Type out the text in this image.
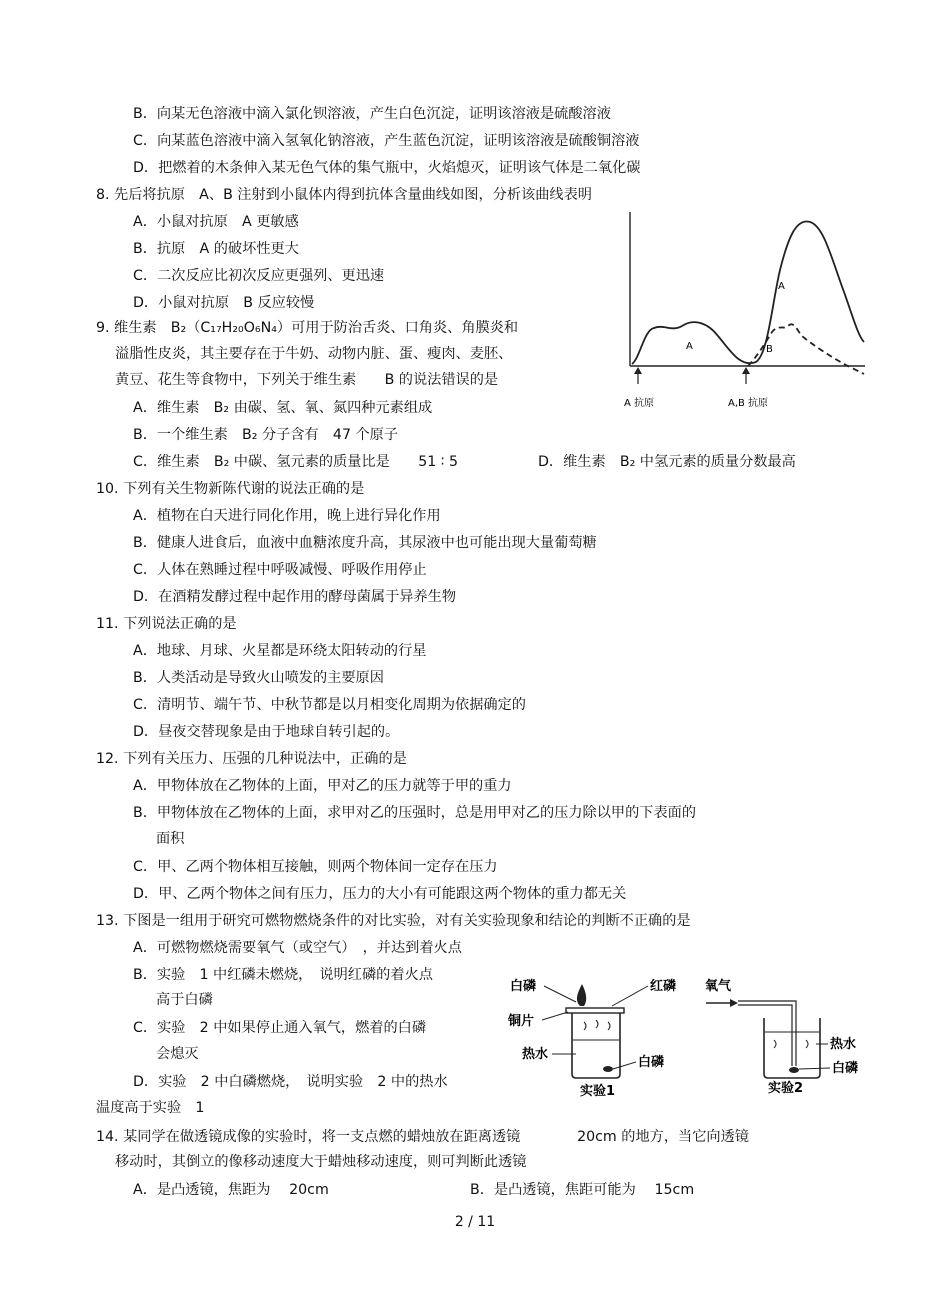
B．向某无色溶液中滴入氯化钡溶液，产生白色沉淀，证明该溶液是硫酸溶液
C．向某蓝色溶液中滴入氢氧化钠溶液，产生蓝色沉淀，证明该溶液是硫酸铜溶液
D．把燃着的木条伸入某无色气体的集气瓶中，火焰熄灭，证明该气体是二氧化碳
8. 先后将抗原　A、B 注射到小鼠体内得到抗体含量曲线如图，分析该曲线表明
A．小鼠对抗原　A 更敏感
B．抗原　A 的破坏性更大
C．二次反应比初次反应更强列、更迅速
D．小鼠对抗原　B 反应较慢
9. 维生素　B₂（C₁₇H₂₀O₆N₄）可用于防治舌炎、口角炎、角膜炎和
溢脂性皮炎，其主要存在于牛奶、动物内脏、蛋、瘦肉、麦胚、
黄豆、花生等食物中，下列关于维生素　　B 的说法错误的是
A．维生素　B₂ 由碳、氢、氧、氮四种元素组成
B．一个维生素　B₂ 分子含有　47 个原子
C．维生素　B₂ 中碳、氢元素的质量比是　　51 ∶ 5	D．维生素　B₂ 中氢元素的质量分数最高
10. 下列有关生物新陈代谢的说法正确的是
A．植物在白天进行同化作用，晚上进行异化作用
B．健康人进食后，血液中血糖浓度升高，其尿液中也可能出现大量葡萄糖
C．人体在熟睡过程中呼吸减慢、呼吸作用停止
D．在酒精发酵过程中起作用的酵母菌属于异养生物
11. 下列说法正确的是
A．地球、月球、火星都是环绕太阳转动的行星
B．人类活动是导致火山喷发的主要原因
C．清明节、端午节、中秋节都是以月相变化周期为依据确定的
D．昼夜交替现象是由于地球自转引起的。
12. 下列有关压力、压强的几种说法中，正确的是
A．甲物体放在乙物体的上面，甲对乙的压力就等于甲的重力
B．甲物体放在乙物体的上面，求甲对乙的压强时，总是用甲对乙的压力除以甲的下表面的
面积
C．甲、乙两个物体相互接触，则两个物体间一定存在压力
D．甲、乙两个物体之间有压力，压力的大小有可能跟这两个物体的重力都无关
13. 下图是一组用于研究可燃物燃烧条件的对比实验，对有关实验现象和结论的判断不正确的是
A．可燃物燃烧需要氧气（或空气）　，并达到着火点
B．实验　1 中红磷未燃烧，　说明红磷的着火点
高于白磷
C．实验　2 中如果停止通入氧气，燃着的白磷
会熄灭
D．实验　2 中白磷燃烧，　说明实验　2 中的热水
温度高于实验　1
14. 某同学在做透镜成像的实验时，将一支点燃的蜡烛放在距离透镜　　　　20cm 的地方，当它向透镜
移动时，其倒立的像移动速度大于蜡烛移动速度，则可判断此透镜
A．是凸透镜，焦距为　 20cm	B．是凸透镜，焦距可能为　 15cm
A
A
B
A 抗原	A,B 抗原
白磷	红磷
铜片
热水
白磷
实验1
氧气
热水
白磷
实验2
2 / 11
